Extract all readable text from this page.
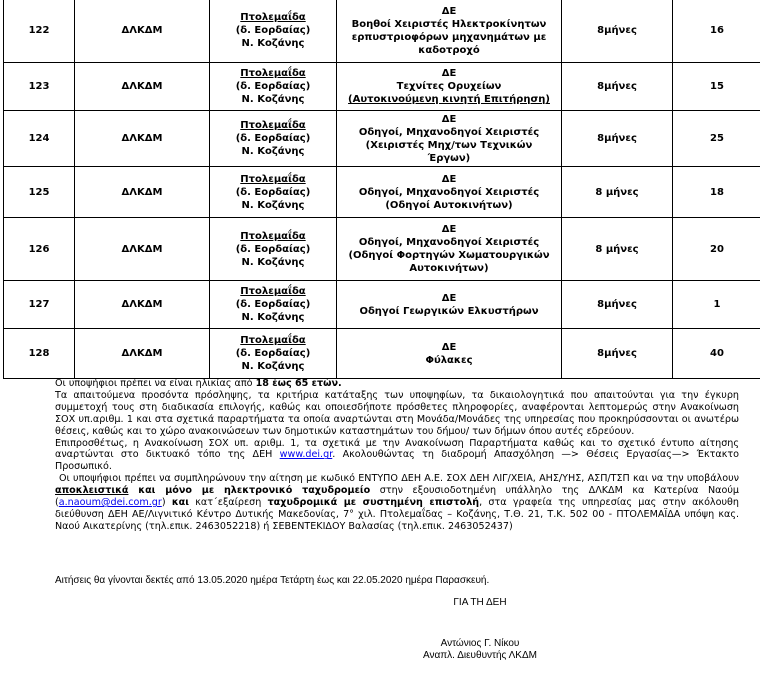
122	ΔΛΚΔΜ	Πτολεμαΐδα
(δ. Εορδαίας)
Ν. Κοζάνης	ΔΕ
Βοηθοί Χειριστές Ηλεκτροκίνητων
ερπυστριοφόρων μηχανημάτων με
καδοτροχό	8μήνες	16
123	ΔΛΚΔΜ	Πτολεμαΐδα
(δ. Εορδαίας)
Ν. Κοζάνης	ΔΕ
Τεχνίτες Ορυχείων
(Αυτοκινούμενη κινητή Επιτήρηση)	8μήνες	15
124	ΔΛΚΔΜ	Πτολεμαΐδα
(δ. Εορδαίας)
Ν. Κοζάνης	ΔΕ
Οδηγοί, Μηχανοδηγοί Χειριστές
(Χειριστές Μηχ/των Τεχνικών
Έργων)	8μήνες	25
125	ΔΛΚΔΜ	Πτολεμαΐδα
(δ. Εορδαίας)
Ν. Κοζάνης	ΔΕ
Οδηγοί, Μηχανοδηγοί Χειριστές
(Οδηγοί Αυτοκινήτων)	8 μήνες	18
126	ΔΛΚΔΜ	Πτολεμαΐδα
(δ. Εορδαίας)
Ν. Κοζάνης	ΔΕ
Οδηγοί, Μηχανοδηγοί Χειριστές
(Οδηγοί Φορτηγών Χωματουργικών
Αυτοκινήτων)	8 μήνες	20
127	ΔΛΚΔΜ	Πτολεμαΐδα
(δ. Εορδαίας)
Ν. Κοζάνης	ΔΕ
Οδηγοί Γεωργικών Ελκυστήρων	8μήνες	1
128	ΔΛΚΔΜ	Πτολεμαΐδα
(δ. Εορδαίας)
Ν. Κοζάνης	ΔΕ
Φύλακες	8μήνες	40

Οι υποψήφιοι πρέπει να είναι ηλικίας από 18 έως 65 ετών.

Τα απαιτούμενα προσόντα πρόσληψης, τα κριτήρια κατάταξης των υποψηφίων, τα δικαιολογητικά που απαιτούνται για την έγκυρη συμμετοχή τους στη διαδικασία επιλογής, καθώς και οποιεσδήποτε πρόσθετες πληροφορίες, αναφέρονται λεπτομερώς στην Ανακοίνωση ΣΟΧ υπ.αριθμ. 1 και στα σχετικά παραρτήματα τα οποία αναρτώνται στη Μονάδα/Μονάδες της υπηρεσίας που προκηρύσσονται οι ανωτέρω θέσεις, καθώς και το χώρο ανακοινώσεων των δημοτικών καταστημάτων του δήμου/ των δήμων όπου αυτές εδρεύουν.

Επιπροσθέτως, η Ανακοίνωση ΣΟΧ υπ. αριθμ. 1, τα σχετικά με την Ανακοίνωση Παραρτήματα καθώς και το σχετικό έντυπο αίτησης αναρτώνται στο δικτυακό τόπο της ΔΕΗ www.dei.gr. Ακολουθώντας τη διαδρομή Απασχόληση —> Θέσεις Εργασίας—> Έκτακτο Προσωπικό.

Οι υποψήφιοι πρέπει να συμπληρώνουν την αίτηση με κωδικό ΕΝΤΥΠΟ ΔΕΗ Α.Ε. ΣΟΧ ΔΕΗ ΛΙΓ/ΧΕΙΑ, ΑΗΣ/ΥΗΣ, ΑΣΠ/ΤΣΠ και να την υποβάλουν αποκλειστικά και μόνο με ηλεκτρονικό ταχυδρομείο στην εξουσιοδοτημένη υπάλληλο της ΔΛΚΔΜ κα Κατερίνα Ναούμ (a.naoum@dei.com.gr) και κατ΄εξαίρεση ταχυδρομικά με συστημένη επιστολή, στα γραφεία της υπηρεσίας μας στην ακόλουθη διεύθυνση ΔΕΗ ΑΕ/Λιγνιτικό Κέντρο Δυτικής Μακεδονίας, 7° χιλ. Πτολεμαΐδας – Κοζάνης, Τ.Θ. 21, Τ.Κ. 502 00 - ΠΤΟΛΕΜΑΪΔΑ υπόψη κας. Ναού Αικατερίνης (τηλ.επικ. 2463052218) ή ΣΕΒΕΝΤΕΚΙΔΟΥ Βαλασίας (τηλ.επικ. 2463052437)

Αιτήσεις θα γίνονται δεκτές από 13.05.2020 ημέρα Τετάρτη έως και 22.05.2020 ημέρα Παρασκευή.
ΓΙΑ ΤΗ ΔΕΗ
Αντώνιος Γ. Νίκου
Αναπλ. Διευθυντής ΛΚΔΜ
